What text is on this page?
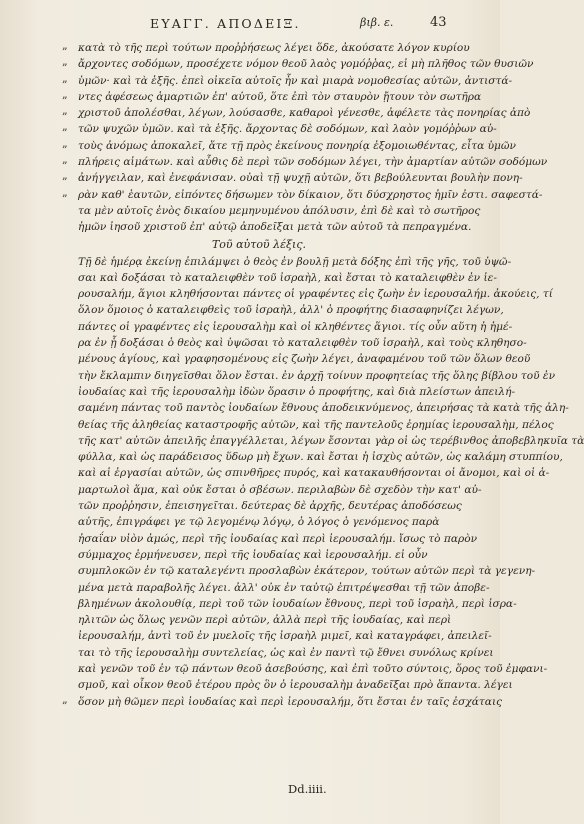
ΕΥΑΓΓ. ΑΠΟΔΕΙΞ.	βιβ. ε.	43
„ κατὰ τὸ τῆς περὶ τούτων προῤῥήσεως λέγει ὅδε, ἀκούσατε λόγον κυρίου
„ ἄρχοντες σοδόμων, προσέχετε νόμον θεοῦ λαὸς γομόῤῥας, εἰ μὴ πλῆθος τῶν θυσιῶν
„ ὑμῶν· καὶ τὰ ἑξῆς. ἐπεὶ οἰκεῖα αὐτοῖς ἦν καὶ μιαρὰ νομοθεσίας αὐτῶν, ἀντιστά-
„ ντες ἀφέσεως ἁμαρτιῶν ἐπ' αὐτοῦ, ὅτε ἐπὶ τὸν σταυρὸν ᾔτουν τὸν σωτῆρα
„ χριστοῦ ἀπολέσθαι, λέγων, λούσασθε, καθαροὶ γένεσθε, ἀφέλετε τὰς πονηρίας ἀπὸ
„ τῶν ψυχῶν ὑμῶν. καὶ τὰ ἑξῆς. ἄρχοντας δὲ σοδόμων, καὶ λαὸν γομόῤῥων αὐ-
„ τοὺς ἀνόμως ἀποκαλεῖ, ἅτε τῇ πρὸς ἐκείνους πονηρίᾳ ἐξομοιωθέντας, εἶτα ὑμῶν
„ πλήρεις αἱμάτων. καὶ αὖθις δὲ περὶ τῶν σοδόμων λέγει, τὴν ἁμαρτίαν αὐτῶν σοδόμων
„ ἀνήγγειλαν, καὶ ἐνεφάνισαν. οὐαὶ τῇ ψυχῇ αὐτῶν, ὅτι βεβούλευνται βουλὴν πονη-
„ ρὰν καθ' ἑαυτῶν, εἰπόντες δήσωμεν τὸν δίκαιον, ὅτι δύσχρηστος ἡμῖν ἐστι. σαφεστά-
τα μὲν αὐτοῖς ἐνὸς δικαίου μεμηνυμένου ἀπόλυσιν, ἐπὶ δὲ καὶ τὸ σωτῆρος
ἡμῶν ἰησοῦ χριστοῦ ἐπ' αὐτῷ ἀποδεῖξαι μετὰ τῶν αὐτοῦ τὰ πεπραγμένα.
Τοῦ αὐτοῦ λέξις.
Τῇ δὲ ἡμέρᾳ ἐκείνῃ ἐπιλάμψει ὁ θεὸς ἐν βουλῇ μετὰ δόξης ἐπὶ τῆς γῆς, τοῦ ὑψῶ-
σαι καὶ δοξάσαι τὸ καταλειφθὲν τοῦ ἰσραὴλ, καὶ ἔσται τὸ καταλειφθὲν ἐν ἰε-
ρουσαλήμ, ἅγιοι κληθήσονται πάντες οἱ γραφέντες εἰς ζωὴν ἐν ἰερουσαλήμ. ἀκούεις, τί
ὅλον ὅμοιος ὁ καταλειφθεὶς τοῦ ἰσραὴλ, ἀλλ' ὁ προφήτης διασαφηνίζει λέγων,
πάντες οἱ γραφέντες εἰς ἰερουσαλὴμ καὶ οἱ κληθέντες ἅγιοι. τίς οὖν αὕτη ἡ ἡμέ-
ρα ἐν ᾗ δοξάσαι ὁ θεὸς καὶ ὑψῶσαι τὸ καταλειφθὲν τοῦ ἰσραὴλ, καὶ τοὺς κληθησο-
μένους ἁγίους, καὶ γραφησομένους εἰς ζωὴν λέγει, ἀναφαμένου τοῦ τῶν ὅλων θεοῦ
τὴν ἔκλαμπιν διηγεῖσθαι ὅλον ἔσται. ἐν ἀρχῇ τοίνυν προφητείας τῆς ὅλης βίβλου τοῦ ἐν
ἰουδαίας καὶ τῆς ἰερουσαλὴμ ἰδὼν ὅρασιν ὁ προφήτης, καὶ διὰ πλείστων ἀπειλή-
σαμένη πάντας τοῦ παντὸς ἰουδαίων ἔθνους ἀποδεικνύμενος, ἀπειρήσας τὰ κατὰ τῆς ἀλη-
θείας τῆς ἀληθείας καταστροφῆς αὐτῶν, καὶ τῆς παντελοῦς ἐρημίας ἰερουσαλὴμ, πέλος
τῆς κατ' αὐτῶν ἀπειλῆς ἐπαγγέλλεται, λέγων ἔσονται γὰρ οἱ ὡς τερέβινθος ἀποβεβληκυῖα τὰ
φύλλα, καὶ ὡς παράδεισος ὕδωρ μὴ ἔχων. καὶ ἔσται ἡ ἰσχὺς αὐτῶν, ὡς καλάμη στυππίου,
καὶ αἱ ἐργασίαι αὐτῶν, ὡς σπινθῆρες πυρός, καὶ κατακαυθήσονται οἱ ἄνομοι, καὶ οἱ ἁ-
μαρτωλοὶ ἅμα, καὶ οὐκ ἔσται ὁ σβέσων. περιλαβὼν δὲ σχεδὸν τὴν κατ' αὐ-
τῶν προῤῥησιν, ἐπεισηγεῖται. δεύτερας δὲ ἀρχῆς, δευτέρας ἀποδόσεως
αὐτῆς, ἐπιγράφει γε τῷ λεγομένῳ λόγῳ, ὁ λόγος ὁ γενόμενος παρὰ
ἠσαΐαν υἱὸν ἀμώς, περὶ τῆς ἰουδαίας καὶ περὶ ἰερουσαλήμ. ἴσως τὸ παρὸν
σύμμαχος ἑρμήνευσεν, περὶ τῆς ἰουδαίας καὶ ἰερουσαλήμ. εἰ οὖν
συμπλοκῶν ἐν τῷ καταλεγέντι προσλαβὼν ἐκάτερον, τούτων αὐτῶν περὶ τὰ γεγενη-
μένα μετὰ παραβολῆς λέγει. ἀλλ' οὐκ ἐν ταὐτῷ ἐπιτρέψεσθαι τῇ τῶν ἀποβε-
βλημένων ἀκολουθίᾳ, περὶ τοῦ τῶν ἰουδαίων ἔθνους, περὶ τοῦ ἰσραὴλ, περὶ ἰσρα-
ηλιτῶν ὡς ὅλως γενῶν περὶ αὐτῶν, ἀλλὰ περὶ τῆς ἰουδαίας, καὶ περὶ
ἰερουσαλήμ, ἀντὶ τοῦ ἐν μυελοῖς τῆς ἰσραὴλ μιμεῖ, καὶ καταγράφει, ἀπειλεῖ-
ται τὸ τῆς ἰερουσαλὴμ συντελείας, ὡς καὶ ἐν παντὶ τῷ ἔθνει συνόλως κρίνει
καὶ γενῶν τοῦ ἐν τῷ πάντων θεοῦ ἀσεβούσης, καὶ ἐπὶ τοῦτο σύντοις, ὅρος τοῦ ἐμφανι-
σμοῦ, καὶ οἶκον θεοῦ ἑτέρου πρὸς ὃν ὁ ἰερουσαλὴμ ἀναδεῖξαι πρὸ ἅπαντα. λέγει
„ ὅσον μὴ θῶμεν περὶ ἰουδαίας καὶ περὶ ἰερουσαλήμ, ὅτι ἔσται ἐν ταῖς ἐσχάταις
Dd.iiii.
